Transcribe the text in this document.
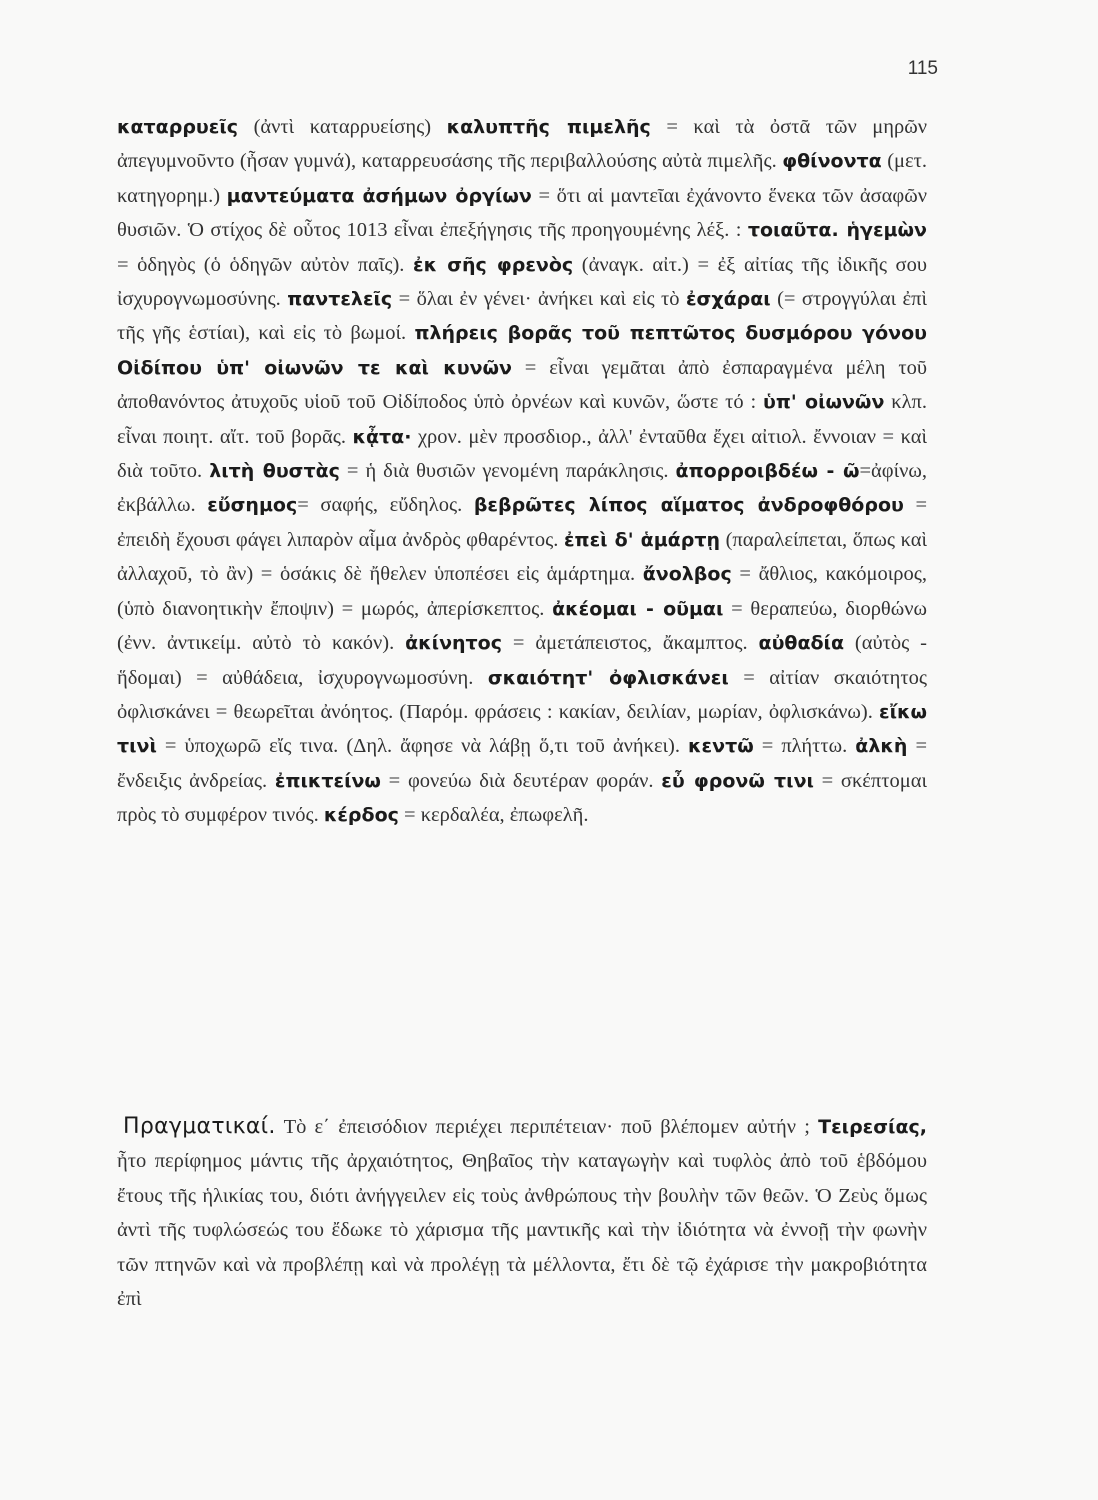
115

καταρρυεῖς (ἀντὶ καταρρυείσης) καλυπτῆς πιμελῆς = καὶ τὰ ὀστᾶ τῶν μηρῶν ἀπεγυμνοῦντο (ἦσαν γυμνά), καταρρευσάσης τῆς περιβαλλούσης αὐτὰ πιμελῆς. φθίνοντα (μετ. κατηγορημ.) μαντεύματα ἀσήμων ὀργίων = ὅτι αἱ μαντεῖαι ἐχάνοντο ἕνεκα τῶν ἀσαφῶν θυσιῶν. Ὁ στίχος δὲ οὗτος 1013 εἶναι ἐπεξήγησις τῆς προηγουμένης λέξ. : τοιαῦτα. ἡγεμὼν = ὁδηγὸς (ὁ ὁδηγῶν αὐτὸν παῖς). ἐκ σῆς φρενὸς (ἀναγκ. αἰτ.) = ἐξ αἰτίας τῆς ἰδικῆς σου ἰσχυρογνωμοσύνης. παντελεῖς = ὅλαι ἐν γένει· ἀνήκει καὶ εἰς τὸ ἐσχάραι (= στρογγύλαι ἐπὶ τῆς γῆς ἑστίαι), καὶ εἰς τὸ βωμοί. πλήρεις βορᾶς τοῦ πεπτῶτος δυσμόρου γόνου Οἰδίπου ὑπ' οἰωνῶν τε καὶ κυνῶν = εἶναι γεμᾶται ἀπὸ ἐσπαραγμένα μέλη τοῦ ἀποθανόντος ἀτυχοῦς υἱοῦ τοῦ Οἰδίποδος ὑπὸ ὀρνέων καὶ κυνῶν, ὥστε τό : ὑπ' οἰωνῶν κλπ. εἶναι ποιητ. αἴτ. τοῦ βορᾶς. κᾆτα· χρον. μὲν προσδιορ., ἀλλ' ἐνταῦθα ἔχει αἰτιολ. ἔννοιαν = καὶ διὰ τοῦτο. λιτὴ θυστὰς = ἡ διὰ θυσιῶν γενομένη παράκλησις. ἀπορροιβδέω - ῶ=ἀφίνω, ἐκβάλλω. εὔσημος= σαφής, εὔδηλος. βεβρῶτες λίπος αἵματος ἀνδροφθόρου = ἐπειδὴ ἔχουσι φάγει λιπαρὸν αἷμα ἀνδρὸς φθαρέντος. ἐπεὶ δ' ἁμάρτῃ (παραλείπεται, ὅπως καὶ ἀλλαχοῦ, τὸ ἂν) = ὁσάκις δὲ ἤθελεν ὑποπέσει εἰς ἁμάρτημα. ἄνολβος = ἄθλιος, κακόμοιρος, (ὑπὸ διανοητικὴν ἔποψιν) = μωρός, ἀπερίσκεπτος. ἀκέομαι - οῦμαι = θεραπεύω, διορθώνω (ἐνν. ἀντικείμ. αὐτὸ τὸ κακόν). ἀκίνητος = ἀμετάπειστος, ἄκαμπτος. αὐθαδία (αὐτὸς - ἥδομαι) = αὐθάδεια, ἰσχυρογνωμοσύνη. σκαιότητ' ὀφλισκάνει = αἰτίαν σκαιότητος ὀφλισκάνει = θεωρεῖται ἀνόητος. (Παρόμ. φράσεις : κακίαν, δειλίαν, μωρίαν, ὀφλισκάνω). εἴκω τινὶ = ὑποχωρῶ εἴς τινα. (Δηλ. ἄφησε νὰ λάβῃ ὅ,τι τοῦ ἀνήκει). κεντῶ = πλήττω. ἀλκὴ = ἔνδειξις ἀνδρείας. ἐπικτείνω = φονεύω διὰ δευτέραν φοράν. εὖ φρονῶ τινι = σκέπτομαι πρὸς τὸ συμφέρον τινός. κέρδος = κερδαλέα, ἐπωφελῆ.

Πραγματικαί. Τὸ ε΄ ἐπεισόδιον περιέχει περιπέτειαν· ποῦ βλέπομεν αὐτήν ; Τειρεσίας, ἦτο περίφημος μάντις τῆς ἀρχαιότητος, Θηβαῖος τὴν καταγωγὴν καὶ τυφλὸς ἀπὸ τοῦ ἑβδόμου ἔτους τῆς ἡλικίας του, διότι ἀνήγγειλεν εἰς τοὺς ἀνθρώπους τὴν βουλὴν τῶν θεῶν. Ὁ Ζεὺς ὅμως ἀντὶ τῆς τυφλώσεώς του ἔδωκε τὸ χάρισμα τῆς μαντικῆς καὶ τὴν ἰδιότητα νὰ ἐννοῇ τὴν φωνὴν τῶν πτηνῶν καὶ νὰ προβλέπῃ καὶ νὰ προλέγῃ τὰ μέλλοντα, ἔτι δὲ τῷ ἐχάρισε τὴν μακροβιότητα ἐπὶ
